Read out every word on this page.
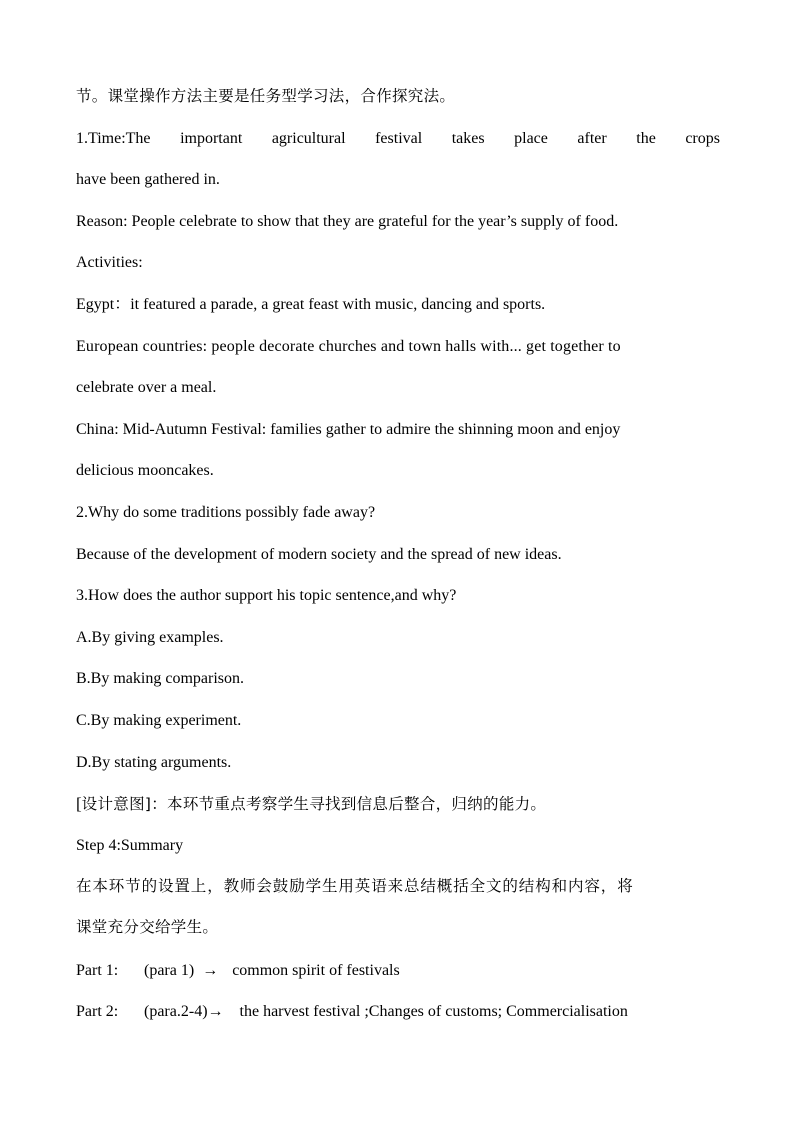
节。课堂操作方法主要是任务型学习法，合作探究法。
1.Time:The important agricultural festival takes place after the crops
have been gathered in.
Reason: People celebrate to show that they are grateful for the year’s supply of food.
Activities:
Egypt：it featured a parade, a great feast with music, dancing and sports.
European countries: people decorate churches and town halls with... get together to
celebrate over a meal.
China: Mid-Autumn Festival: families gather to admire the shinning moon and enjoy
delicious mooncakes.
2.Why do some traditions possibly fade away?
Because of the development of modern society and the spread of new ideas.
3.How does the author support his topic sentence,and why?
A.By giving examples.
B.By making comparison.
C.By making experiment.
D.By stating arguments.
[设计意图]：本环节重点考察学生寻找到信息后整合，归纳的能力。
Step 4:Summary
在本环节的设置上，教师会鼓励学生用英语来总结概括全文的结构和内容，将
课堂充分交给学生。
Part 1: (para 1) → common spirit of festivals
Part 2: (para.2-4)→ the harvest festival ;Changes of customs; Commercialisation
